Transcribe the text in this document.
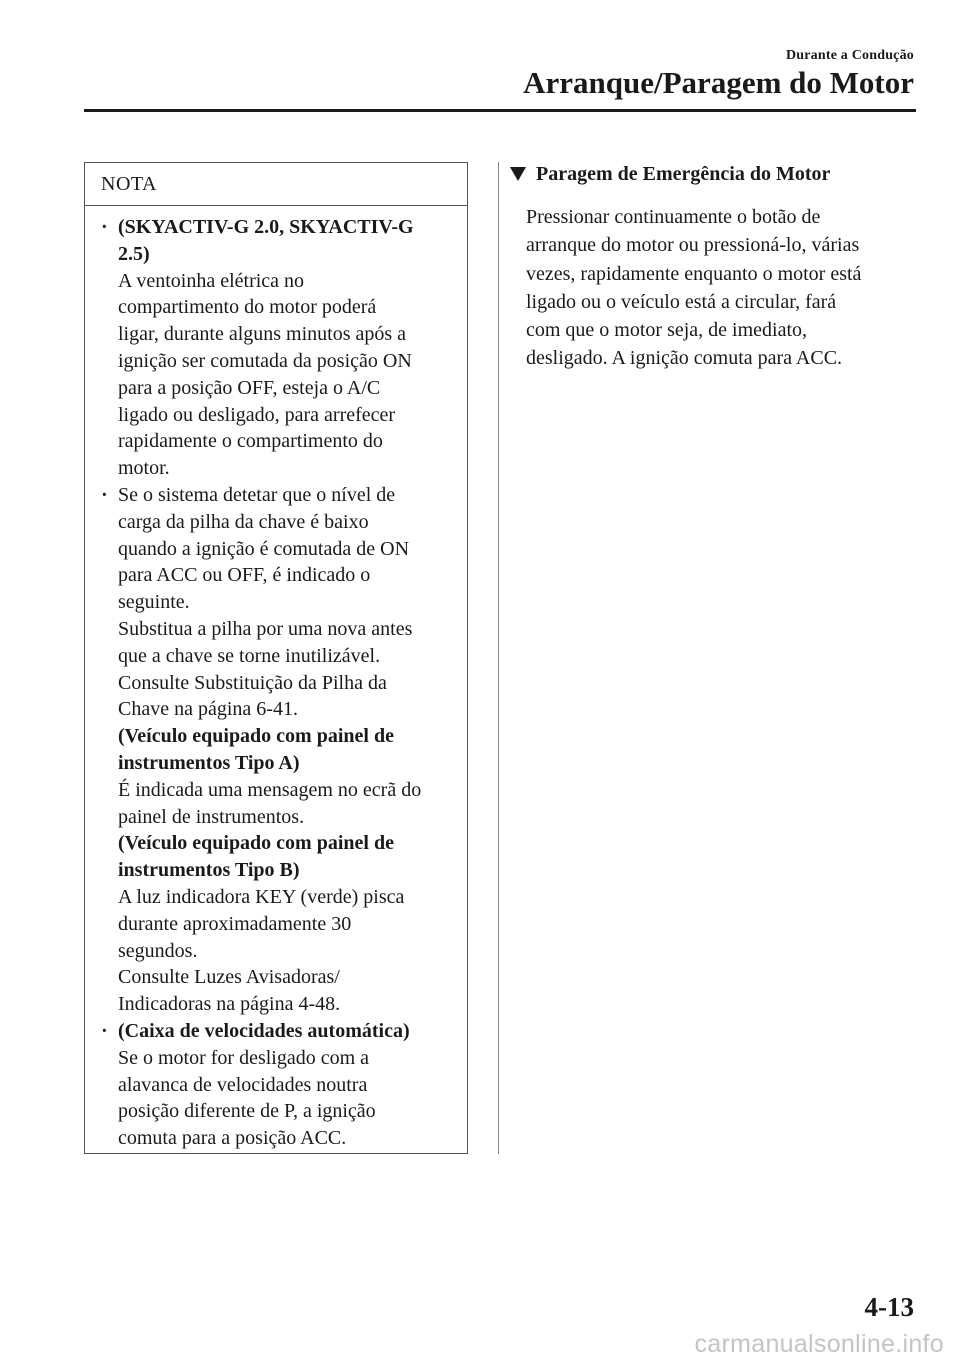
Durante a Condução
Arranque/Paragem do Motor
NOTA
· (SKYACTIV-G 2.0, SKYACTIV-G
2.5)
A ventoinha elétrica no
compartimento do motor poderá
ligar, durante alguns minutos após a
ignição ser comutada da posição ON
para a posição OFF, esteja o A/C
ligado ou desligado, para arrefecer
rapidamente o compartimento do
motor.
· Se o sistema detetar que o nível de
carga da pilha da chave é baixo
quando a ignição é comutada de ON
para ACC ou OFF, é indicado o
seguinte.
Substitua a pilha por uma nova antes
que a chave se torne inutilizável.
Consulte Substituição da Pilha da
Chave na página 6-41.
(Veículo equipado com painel de
instrumentos Tipo A)
É indicada uma mensagem no ecrã do
painel de instrumentos.
(Veículo equipado com painel de
instrumentos Tipo B)
A luz indicadora KEY (verde) pisca
durante aproximadamente 30
segundos.
Consulte Luzes Avisadoras/
Indicadoras na página 4-48.
· (Caixa de velocidades automática)
Se o motor for desligado com a
alavanca de velocidades noutra
posição diferente de P, a ignição
comuta para a posição ACC.
Paragem de Emergência do Motor
Pressionar continuamente o botão de
arranque do motor ou pressioná-lo, várias
vezes, rapidamente enquanto o motor está
ligado ou o veículo está a circular, fará
com que o motor seja, de imediato,
desligado. A ignição comuta para ACC.
4-13
carmanualsonline.info
